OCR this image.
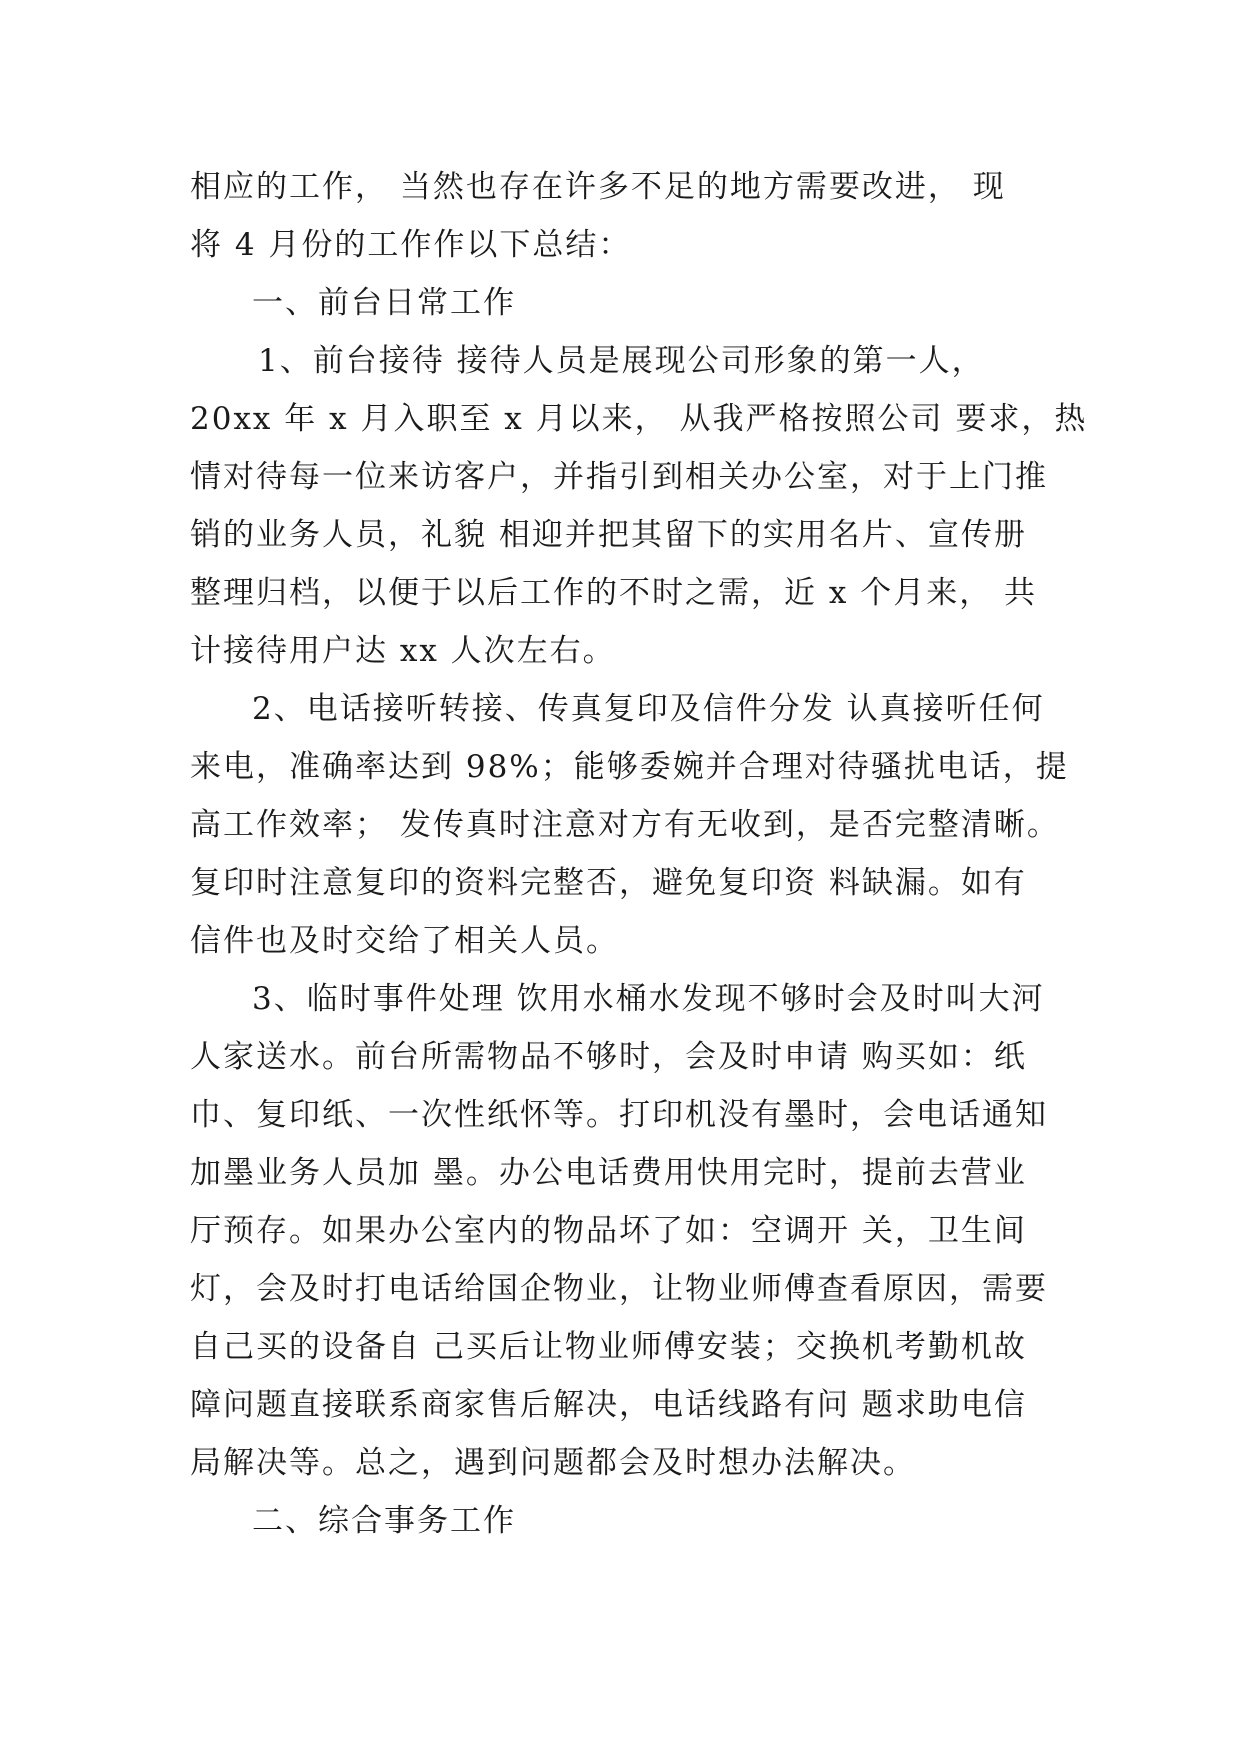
相应的工作， 当然也存在许多不足的地方需要改进， 现
将 4 月份的工作作以下总结：
一、前台日常工作
1、前台接待 接待人员是展现公司形象的第一人，
20xx 年 x 月入职至 x 月以来， 从我严格按照公司 要求，热
情对待每一位来访客户，并指引到相关办公室，对于上门推
销的业务人员，礼貌 相迎并把其留下的实用名片、宣传册
整理归档，以便于以后工作的不时之需，近 x 个月来， 共
计接待用户达 xx 人次左右。
2、电话接听转接、传真复印及信件分发 认真接听任何
来电，准确率达到 98%；能够委婉并合理对待骚扰电话，提
高工作效率； 发传真时注意对方有无收到，是否完整清晰。
复印时注意复印的资料完整否，避免复印资 料缺漏。如有
信件也及时交给了相关人员。
3、临时事件处理 饮用水桶水发现不够时会及时叫大河
人家送水。前台所需物品不够时，会及时申请 购买如：纸
巾、复印纸、一次性纸怀等。打印机没有墨时，会电话通知
加墨业务人员加 墨。办公电话费用快用完时，提前去营业
厅预存。如果办公室内的物品坏了如：空调开 关，卫生间
灯，会及时打电话给国企物业，让物业师傅查看原因，需要
自己买的设备自 己买后让物业师傅安装；交换机考勤机故
障问题直接联系商家售后解决，电话线路有问 题求助电信
局解决等。总之，遇到问题都会及时想办法解决。
二、综合事务工作
